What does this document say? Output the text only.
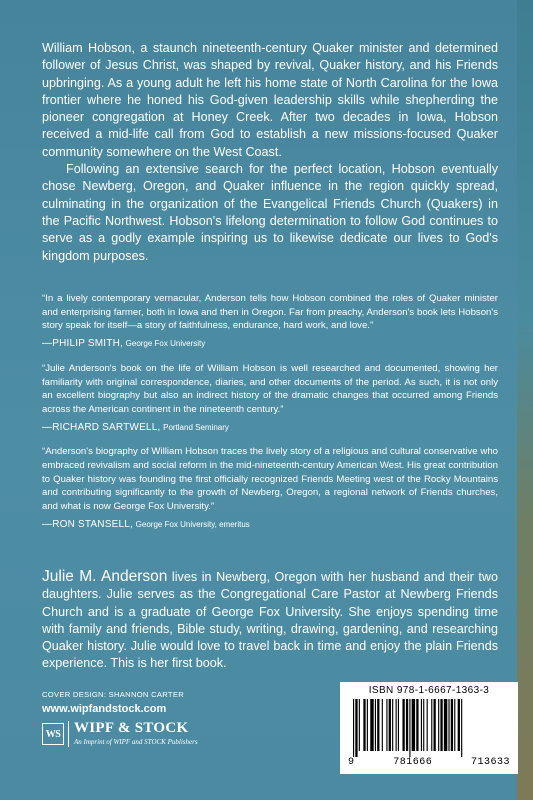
William Hobson, a staunch nineteenth-century Quaker minister and determined follower of Jesus Christ, was shaped by revival, Quaker history, and his Friends upbringing. As a young adult he left his home state of North Carolina for the Iowa frontier where he honed his God-given leadership skills while shepherding the pioneer congregation at Honey Creek. After two decades in Iowa, Hobson received a mid-life call from God to establish a new missions-focused Quaker community somewhere on the West Coast.

Following an extensive search for the perfect location, Hobson eventually chose Newberg, Oregon, and Quaker influence in the region quickly spread, culminating in the organization of the Evangelical Friends Church (Quakers) in the Pacific Northwest. Hobson's lifelong determination to follow God continues to serve as a godly example inspiring us to likewise dedicate our lives to God's kingdom purposes.

“In a lively contemporary vernacular, Anderson tells how Hobson combined the roles of Quaker minister and enterprising farmer, both in Iowa and then in Oregon. Far from preachy, Anderson's book lets Hobson's story speak for itself—a story of faithfulness, endurance, hard work, and love.”
—PHILIP SMITH, George Fox University
“Julie Anderson's book on the life of William Hobson is well researched and documented, showing her familiarity with original correspondence, diaries, and other documents of the period. As such, it is not only an excellent biography but also an indirect history of the dramatic changes that occurred among Friends across the American continent in the nineteenth century.”
—RICHARD SARTWELL, Portland Seminary
“Anderson's biography of William Hobson traces the lively story of a religious and cultural conservative who embraced revivalism and social reform in the mid-nineteenth-century American West. His great contribution to Quaker history was founding the first officially recognized Friends Meeting west of the Rocky Mountains and contributing significantly to the growth of Newberg, Oregon, a regional network of Friends churches, and what is now George Fox University.”
—RON STANSELL, George Fox University, emeritus
Julie M. Anderson lives in Newberg, Oregon with her husband and their two daughters. Julie serves as the Congregational Care Pastor at Newberg Friends Church and is a graduate of George Fox University. She enjoys spending time with family and friends, Bible study, writing, drawing, gardening, and researching Quaker history. Julie would love to travel back in time and enjoy the plain Friends experience. This is her first book.
COVER DESIGN: SHANNON CARTER
www.wipfandstock.com
WS WIPF & STOCK
An Imprint of WIPF and STOCK Publishers
ISBN 978-1-6667-1363-3
9	781666	713633
